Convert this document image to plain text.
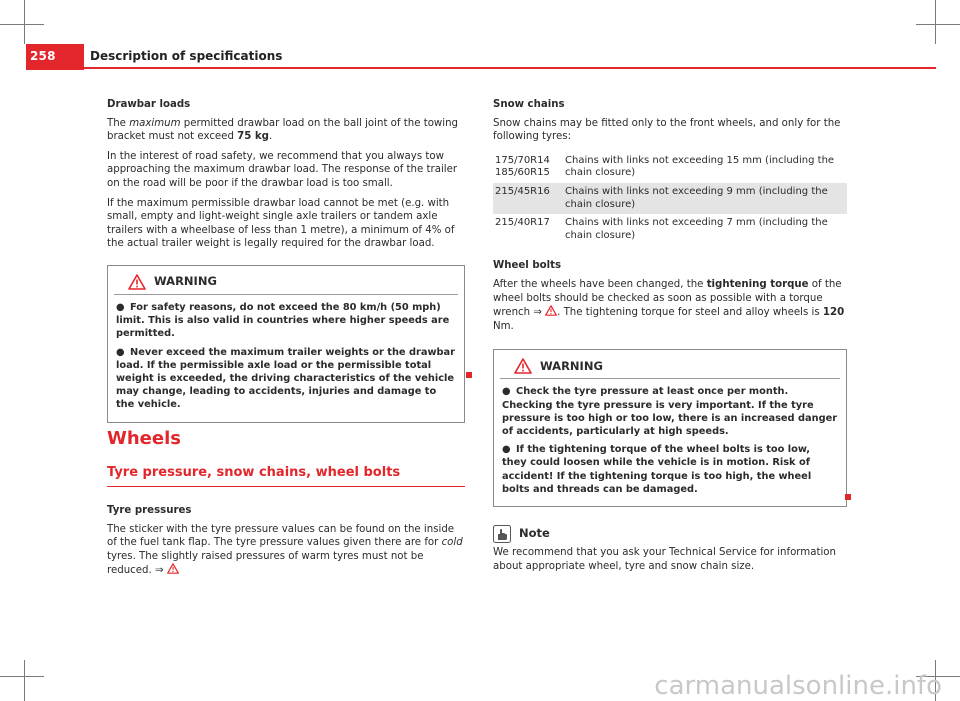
258	Description of specifications
Drawbar loads

The maximum permitted drawbar load on the ball joint of the towing bracket must not exceed 75 kg.

In the interest of road safety, we recommend that you always tow approaching the maximum drawbar load. The response of the trailer on the road will be poor if the drawbar load is too small.

If the maximum permissible drawbar load cannot be met (e.g. with small, empty and light-weight single axle trailers or tandem axle trailers with a wheelbase of less than 1 metre), a minimum of 4% of the actual trailer weight is legally required for the drawbar load.

WARNING
● For safety reasons, do not exceed the 80 km/h (50 mph) limit. This is also valid in countries where higher speeds are permitted.
● Never exceed the maximum trailer weights or the drawbar load. If the permissible axle load or the permissible total weight is exceeded, the driving characteristics of the vehicle may change, leading to accidents, injuries and damage to the vehicle.
Wheels
Tyre pressure, snow chains, wheel bolts
Tyre pressures

The sticker with the tyre pressure values can be found on the inside of the fuel tank flap. The tyre pressure values given there are for cold tyres. The slightly raised pressures of warm tyres must not be reduced. ⇒

Snow chains

Snow chains may be fitted only to the front wheels, and only for the following tyres:

175/70R14 185/60R15	Chains with links not exceeding 15 mm (including the chain closure)
215/45R16	Chains with links not exceeding 9 mm (including the chain closure)
215/40R17	Chains with links not exceeding 7 mm (including the chain closure)
Wheel bolts

After the wheels have been changed, the tightening torque of the wheel bolts should be checked as soon as possible with a torque wrench ⇒ . The tightening torque for steel and alloy wheels is 120 Nm.

WARNING
● Check the tyre pressure at least once per month. Checking the tyre pressure is very important. If the tyre pressure is too high or too low, there is an increased danger of accidents, particularly at high speeds.
● If the tightening torque of the wheel bolts is too low, they could loosen while the vehicle is in motion. Risk of accident! If the tightening torque is too high, the wheel bolts and threads can be damaged.
Note

We recommend that you ask your Technical Service for information about appropriate wheel, tyre and snow chain size.

carmanualsonline.info
